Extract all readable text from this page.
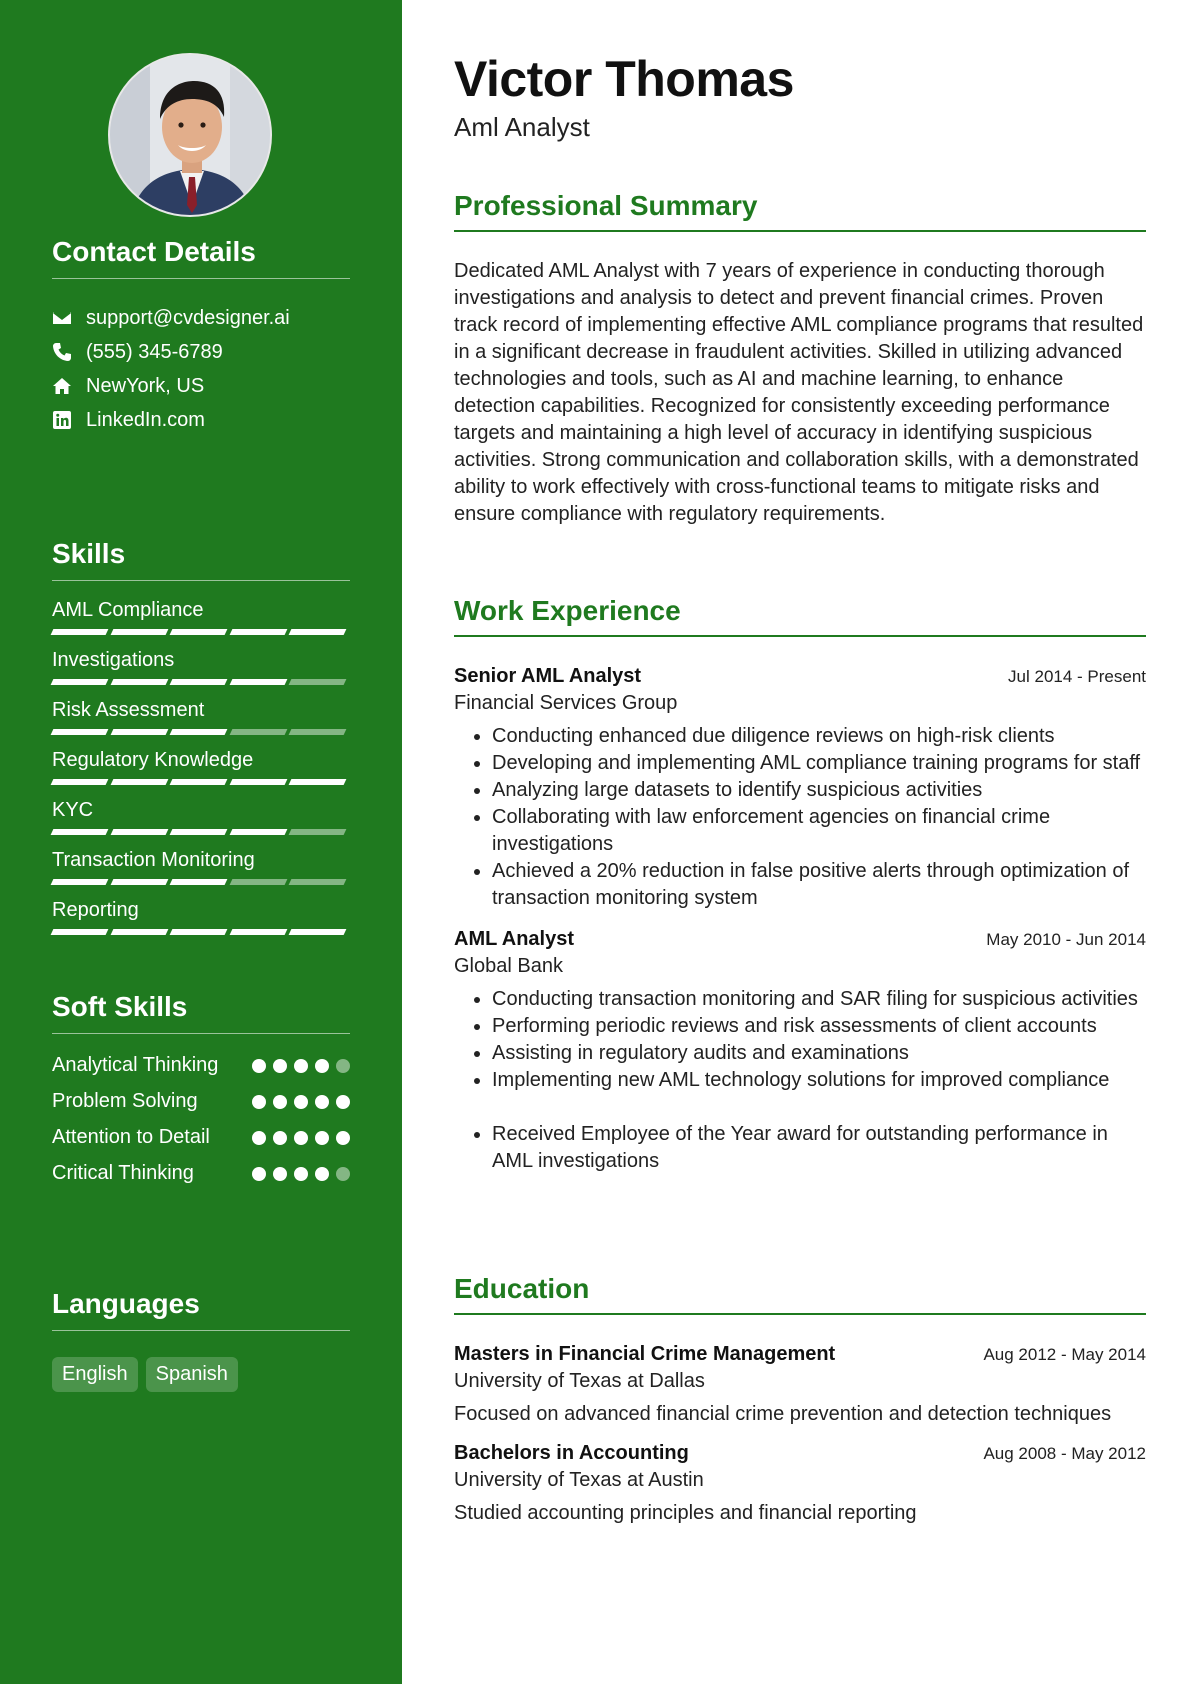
Contact Details
support@cvdesigner.ai
(555) 345-6789
NewYork, US
LinkedIn.com
Skills
AML Compliance
Investigations
Risk Assessment
Regulatory Knowledge
KYC
Transaction Monitoring
Reporting
Soft Skills
Analytical Thinking
Problem Solving
Attention to Detail
Critical Thinking
Languages
English	Spanish
Victor Thomas
Aml Analyst
Professional Summary

Dedicated AML Analyst with 7 years of experience in conducting thorough investigations and analysis to detect and prevent financial crimes. Proven track record of implementing effective AML compliance programs that resulted in a significant decrease in fraudulent activities. Skilled in utilizing advanced technologies and tools, such as AI and machine learning, to enhance detection capabilities. Recognized for consistently exceeding performance targets and maintaining a high level of accuracy in identifying suspicious activities. Strong communication and collaboration skills, with a demonstrated ability to work effectively with cross-functional teams to mitigate risks and ensure compliance with regulatory requirements.

Work Experience
Senior AML Analyst	Jul 2014 - Present
Financial Services Group
• Conducting enhanced due diligence reviews on high-risk clients
• Developing and implementing AML compliance training programs for staff
• Analyzing large datasets to identify suspicious activities
• Collaborating with law enforcement agencies on financial crime investigations
• Achieved a 20% reduction in false positive alerts through optimization of transaction monitoring system
AML Analyst	May 2010 - Jun 2014
Global Bank
• Conducting transaction monitoring and SAR filing for suspicious activities
• Performing periodic reviews and risk assessments of client accounts
• Assisting in regulatory audits and examinations
• Implementing new AML technology solutions for improved compliance
• Received Employee of the Year award for outstanding performance in AML investigations
Education
Masters in Financial Crime Management	Aug 2012 - May 2014
University of Texas at Dallas
Focused on advanced financial crime prevention and detection techniques
Bachelors in Accounting	Aug 2008 - May 2012
University of Texas at Austin
Studied accounting principles and financial reporting
